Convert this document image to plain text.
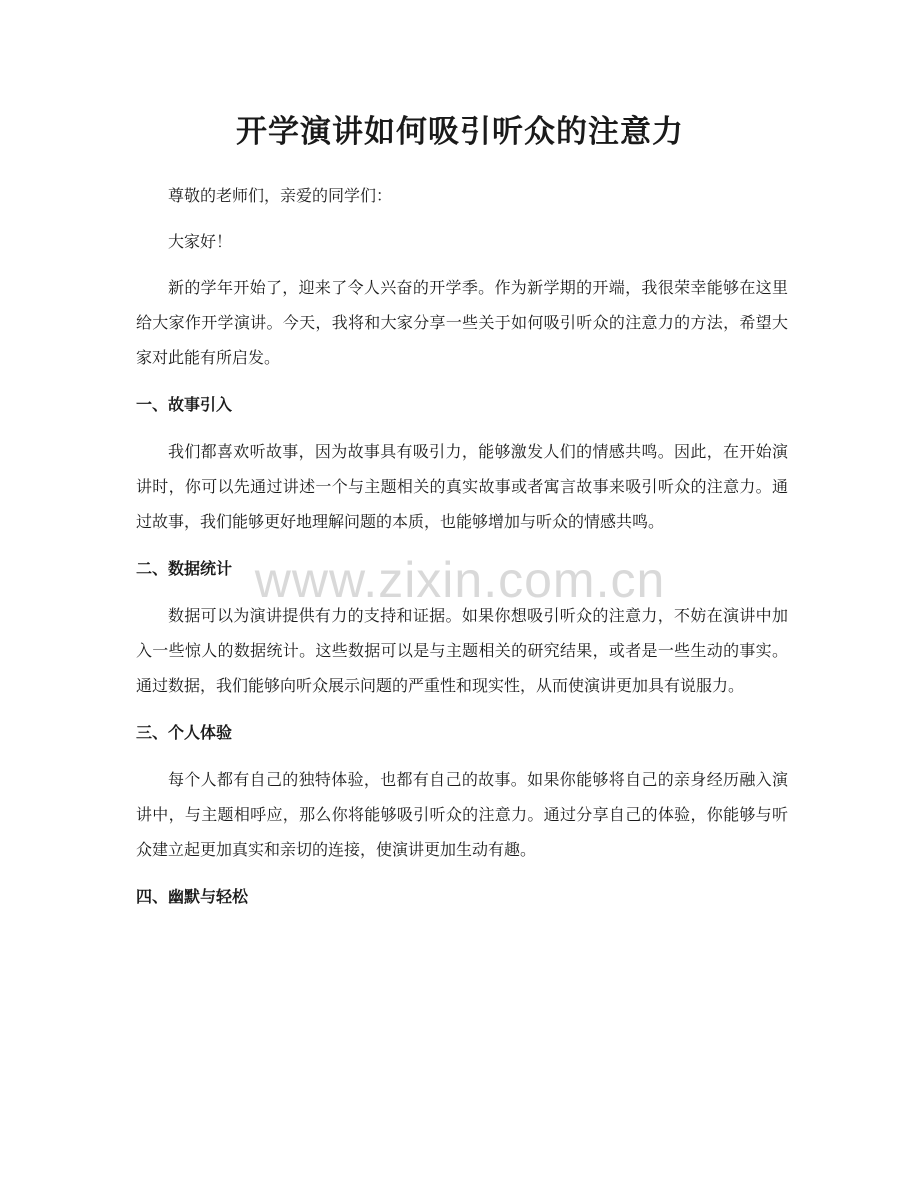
开学演讲如何吸引听众的注意力

尊敬的老师们，亲爱的同学们：

大家好！

新的学年开始了，迎来了令人兴奋的开学季。作为新学期的开端，我很荣幸能够在这里给大家作开学演讲。今天，我将和大家分享一些关于如何吸引听众的注意力的方法，希望大家对此能有所启发。

一、故事引入

我们都喜欢听故事，因为故事具有吸引力，能够激发人们的情感共鸣。因此，在开始演讲时，你可以先通过讲述一个与主题相关的真实故事或者寓言故事来吸引听众的注意力。通过故事，我们能够更好地理解问题的本质，也能够增加与听众的情感共鸣。

二、数据统计

数据可以为演讲提供有力的支持和证据。如果你想吸引听众的注意力，不妨在演讲中加入一些惊人的数据统计。这些数据可以是与主题相关的研究结果，或者是一些生动的事实。通过数据，我们能够向听众展示问题的严重性和现实性，从而使演讲更加具有说服力。

三、个人体验

每个人都有自己的独特体验，也都有自己的故事。如果你能够将自己的亲身经历融入演讲中，与主题相呼应，那么你将能够吸引听众的注意力。通过分享自己的体验，你能够与听众建立起更加真实和亲切的连接，使演讲更加生动有趣。

四、幽默与轻松
www.zixin.com.cn
